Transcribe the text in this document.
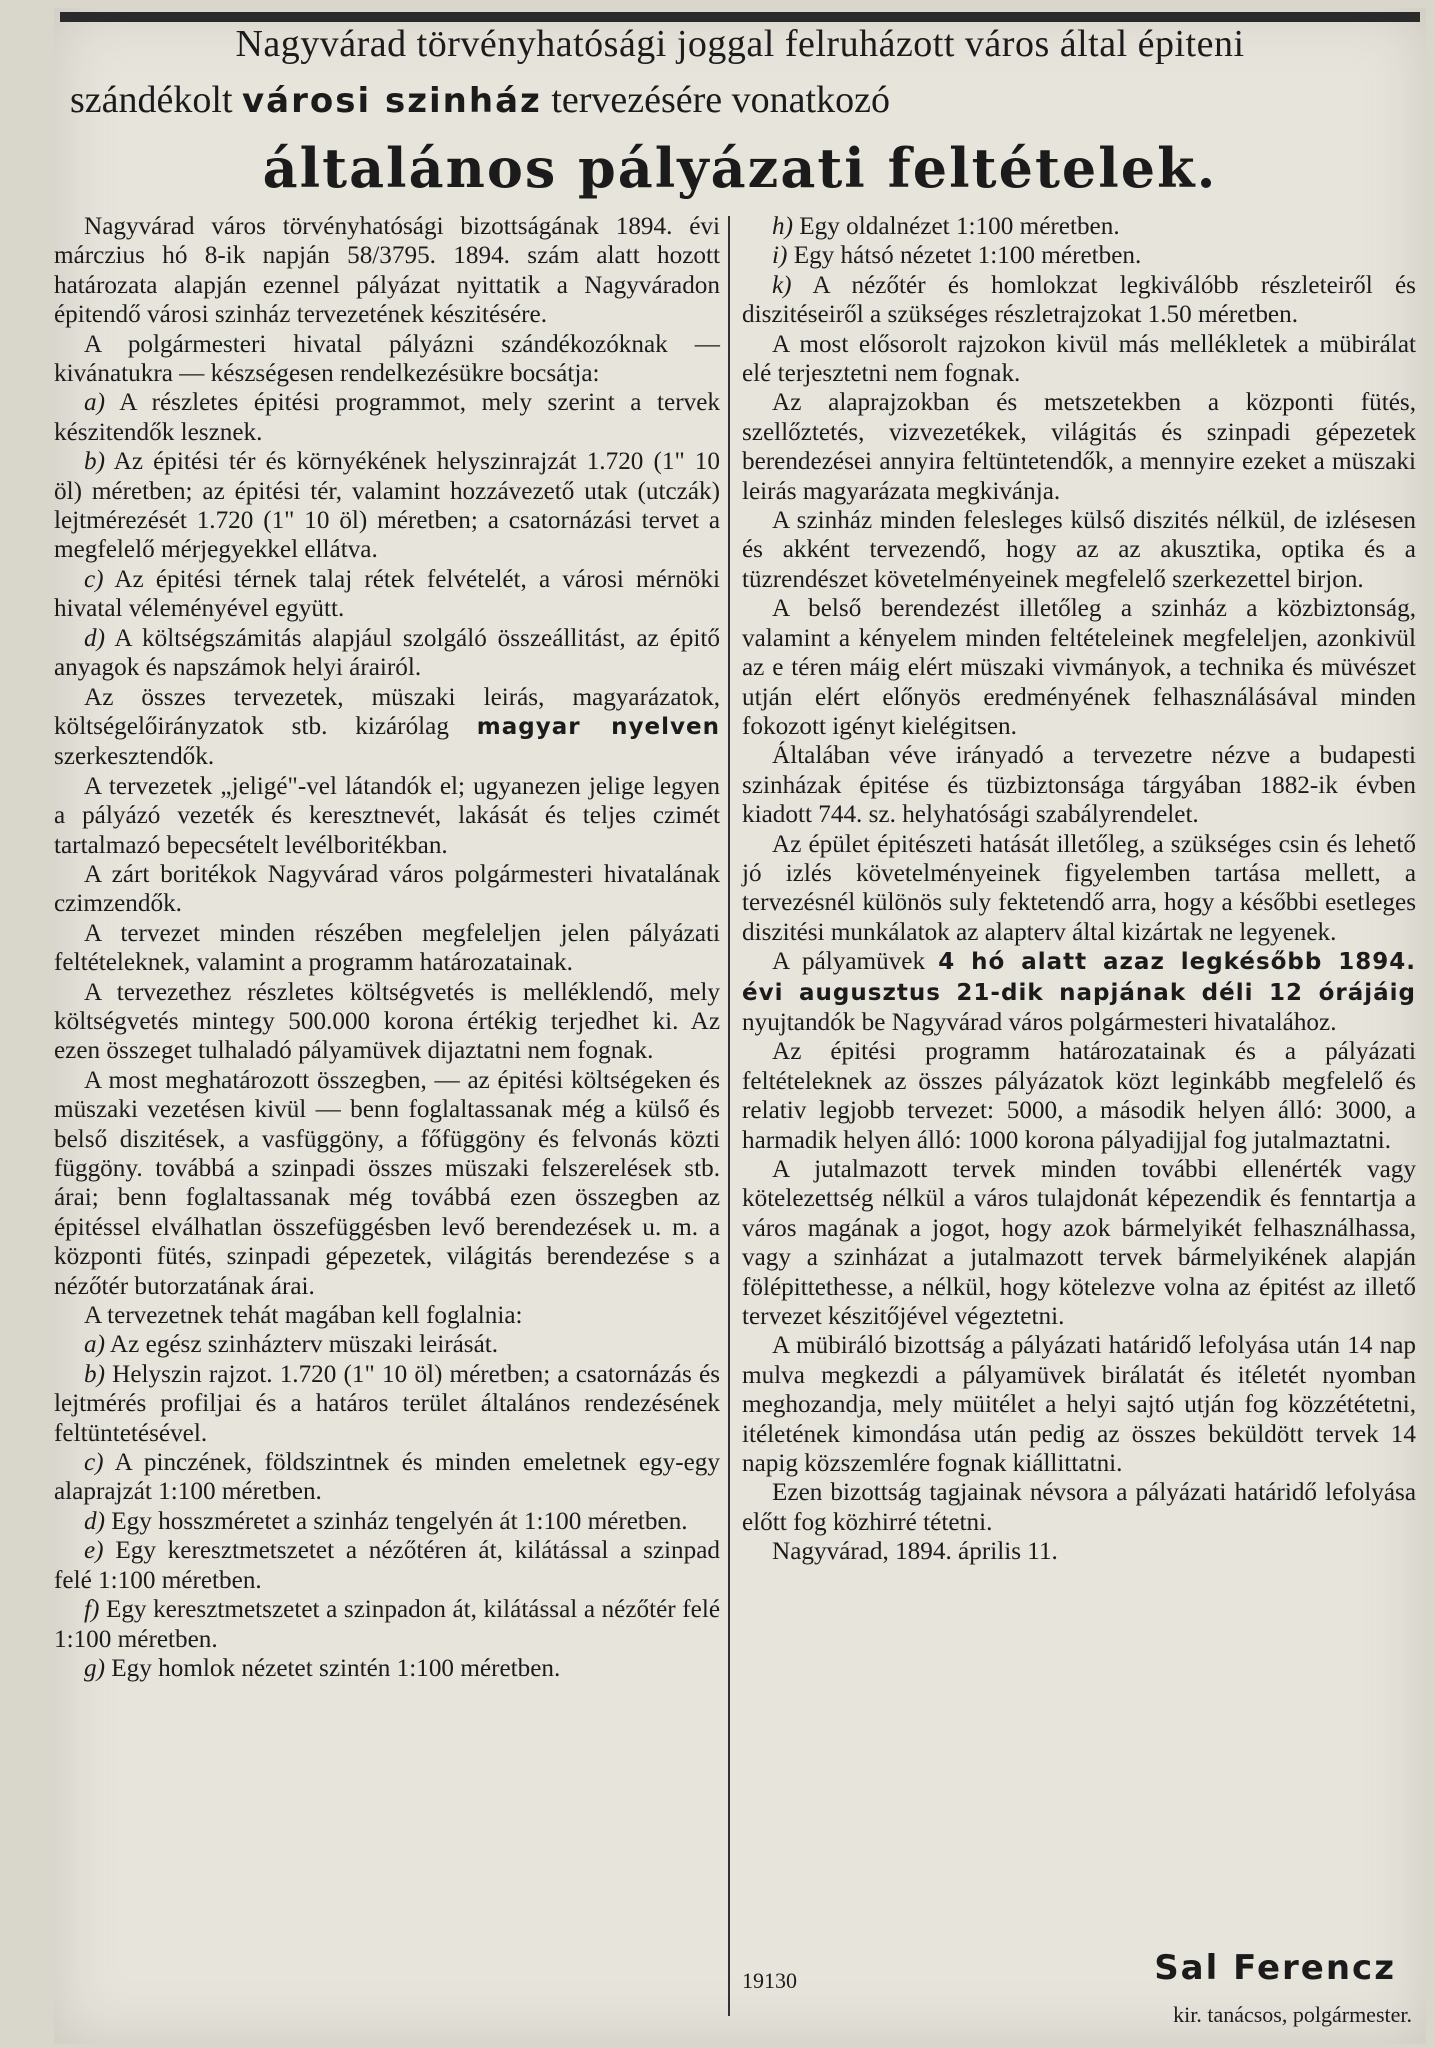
Nagyvárad törvényhatósági joggal felruházott város által épiteni
szándékolt városi szinház tervezésére vonatkozó
általános pályázati feltételek.

Nagyvárad város törvényhatósági bizottságának 1894. évi márczius hó 8-ik napján 58/3795. 1894. szám alatt hozott határozata alapján ezennel pályázat nyittatik a Nagyváradon épitendő városi szinház tervezetének készitésére.

A polgármesteri hivatal pályázni szándékozóknak — kivánatukra — készségesen rendelkezésükre bocsátja:

a) A részletes épitési programmot, mely szerint a tervek készitendők lesznek.

b) Az épitési tér és környékének helyszinrajzát 1.720 (1" 10 öl) méretben; az épitési tér, valamint hozzávezető utak (utczák) lejtmérezését 1.720 (1" 10 öl) méretben; a csatornázási tervet a megfelelő mérjegyekkel ellátva.

c) Az épitési térnek talaj rétek felvételét, a városi mérnöki hivatal véleményével együtt.

d) A költségszámitás alapjául szolgáló összeállitást, az épitő anyagok és napszámok helyi árairól.

Az összes tervezetek, müszaki leirás, magyarázatok, költségelőirányzatok stb. kizárólag magyar nyelven szerkesztendők.

A tervezetek „jeligé"-vel látandók el; ugyanezen jelige legyen a pályázó vezeték és keresztnevét, lakását és teljes czimét tartalmazó bepecsételt levélboritékban.

A zárt boritékok Nagyvárad város polgármesteri hivatalának czimzendők.

A tervezet minden részében megfeleljen jelen pályázati feltételeknek, valamint a programm határozatainak.

A tervezethez részletes költségvetés is melléklendő, mely költségvetés mintegy 500.000 korona értékig terjedhet ki. Az ezen összeget tulhaladó pályamüvek dijaztatni nem fognak.

A most meghatározott összegben, — az épitési költségeken és müszaki vezetésen kivül — benn foglaltassanak még a külső és belső diszitések, a vasfüggöny, a főfüggöny és felvonás közti függöny. továbbá a szinpadi összes müszaki felszerelések stb. árai; benn foglaltassanak még továbbá ezen összegben az épitéssel elválhatlan összefüggésben levő berendezések u. m. a központi fütés, szinpadi gépezetek, világitás berendezése s a nézőtér butorzatának árai.

A tervezetnek tehát magában kell foglalnia:

a) Az egész szinházterv müszaki leirását.

b) Helyszin rajzot. 1.720 (1" 10 öl) méretben; a csatornázás és lejtmérés profiljai és a határos terület általános rendezésének feltüntetésével.

c) A pinczének, földszintnek és minden emeletnek egy-egy alaprajzát 1:100 méretben.

d) Egy hosszméretet a szinház tengelyén át 1:100 méretben.

e) Egy keresztmetszetet a nézőtéren át, kilátással a szinpad felé 1:100 méretben.

f) Egy keresztmetszetet a szinpadon át, kilátással a nézőtér felé 1:100 méretben.

g) Egy homlok nézetet szintén 1:100 méretben.

h) Egy oldalnézet 1:100 méretben.

i) Egy hátsó nézetet 1:100 méretben.

k) A nézőtér és homlokzat legkiválóbb részleteiről és diszitéseiről a szükséges részletrajzokat 1.50 méretben.

A most elősorolt rajzokon kivül más mellékletek a mübirálat elé terjesztetni nem fognak.

Az alaprajzokban és metszetekben a központi fütés, szellőztetés, vizvezetékek, világitás és szinpadi gépezetek berendezései annyira feltüntetendők, a mennyire ezeket a müszaki leirás magyarázata megkivánja.

A szinház minden felesleges külső diszités nélkül, de izlésesen és akként tervezendő, hogy az az akusztika, optika és a tüzrendészet követelményeinek megfelelő szerkezettel birjon.

A belső berendezést illetőleg a szinház a közbiztonság, valamint a kényelem minden feltételeinek megfeleljen, azonkivül az e téren máig elért müszaki vivmányok, a technika és müvészet utján elért előnyös eredményének felhasználásával minden fokozott igényt kielégitsen.

Általában véve irányadó a tervezetre nézve a budapesti szinházak épitése és tüzbiztonsága tárgyában 1882-ik évben kiadott 744. sz. helyhatósági szabályrendelet.

Az épület épitészeti hatását illetőleg, a szükséges csin és lehető jó izlés követelményeinek figyelemben tartása mellett, a tervezésnél különös suly fektetendő arra, hogy a későbbi esetleges diszitési munkálatok az alapterv által kizártak ne legyenek.

A pályamüvek 4 hó alatt azaz legkésőbb 1894. évi augusztus 21-dik napjának déli 12 órájáig nyujtandók be Nagyvárad város polgármesteri hivatalához.

Az épitési programm határozatainak és a pályázati feltételeknek az összes pályázatok közt leginkább megfelelő és relativ legjobb tervezet: 5000, a második helyen álló: 3000, a harmadik helyen álló: 1000 korona pályadijjal fog jutalmaztatni.

A jutalmazott tervek minden további ellenérték vagy kötelezettség nélkül a város tulajdonát képezendik és fenntartja a város magának a jogot, hogy azok bármelyikét felhasználhassa, vagy a szinházat a jutalmazott tervek bármelyikének alapján fölépittethesse, a nélkül, hogy kötelezve volna az épitést az illető tervezet készitőjével végeztetni.

A mübiráló bizottság a pályázati határidő lefolyása után 14 nap mulva megkezdi a pályamüvek birálatát és itéletét nyomban meghozandja, mely müitélet a helyi sajtó utján fog közzététetni, itéletének kimondása után pedig az összes beküldött tervek 14 napig közszemlére fognak kiállittatni.

Ezen bizottság tagjainak névsora a pályázati határidő lefolyása előtt fog közhirré tétetni.

Nagyvárad, 1894. április 11.

19130	Sal Ferencz
kir. tanácsos, polgármester.
